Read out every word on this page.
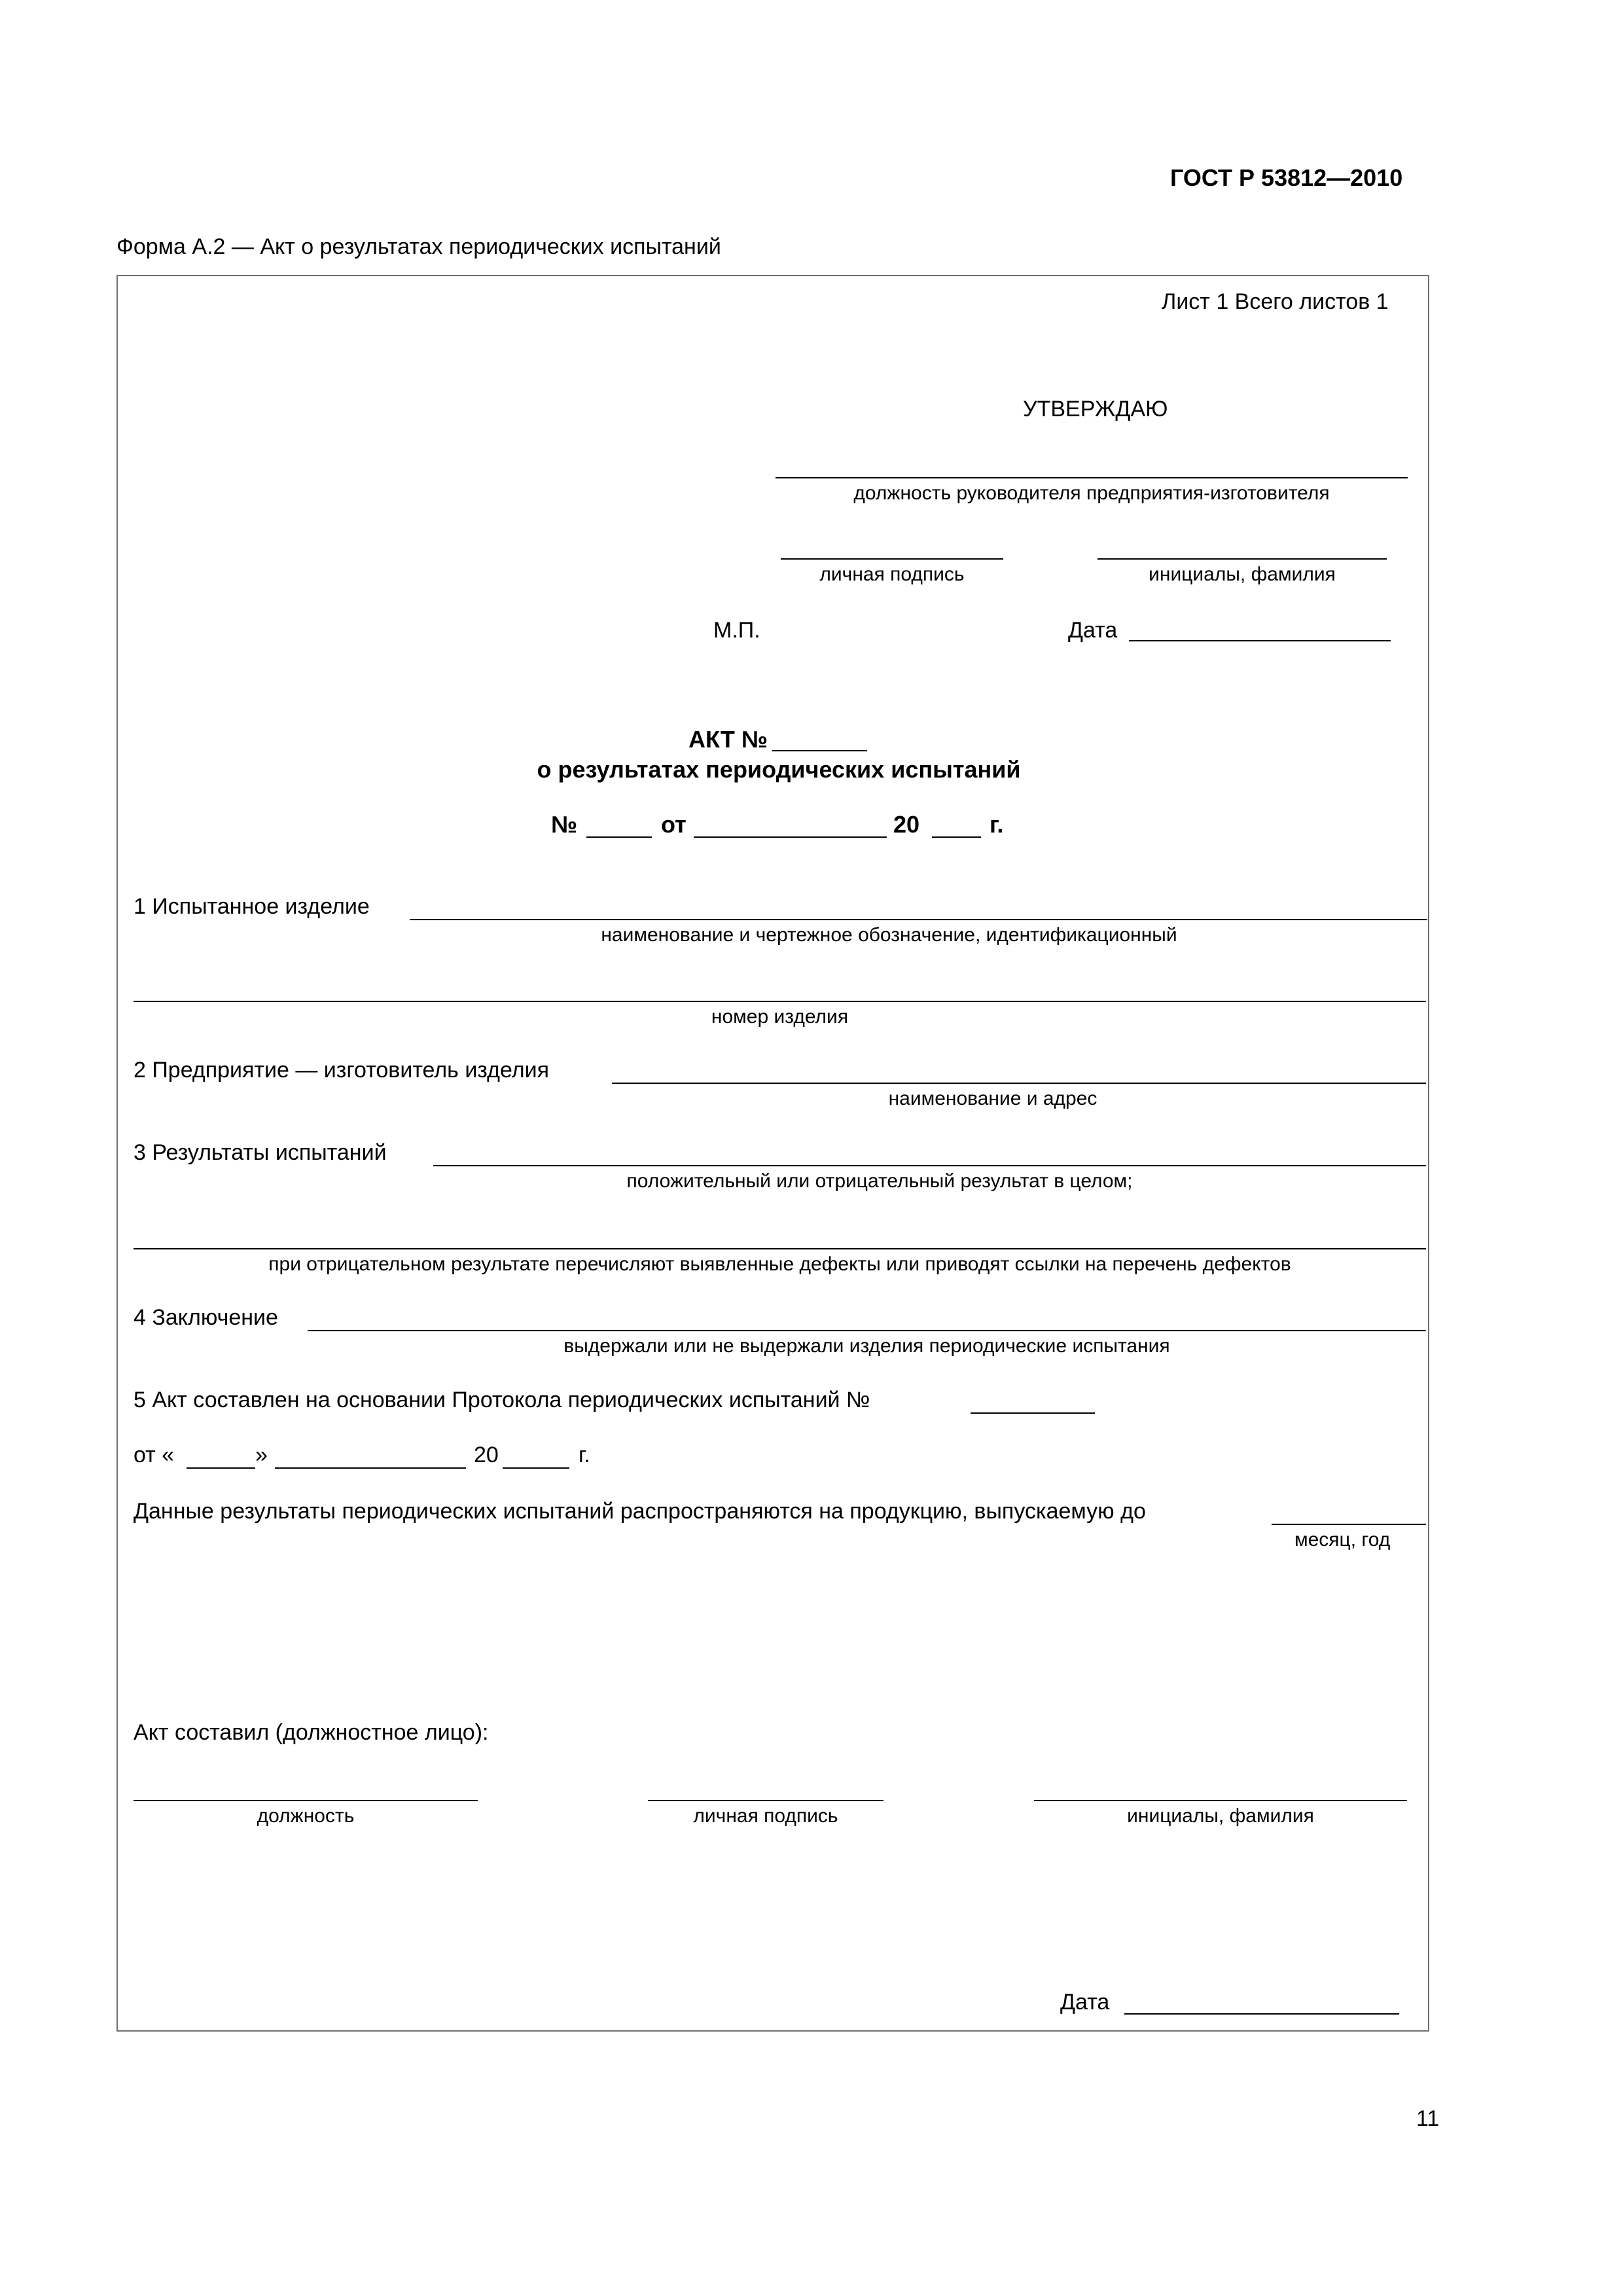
ГОСТ Р 53812—2010
Форма А.2 — Акт о результатах периодических испытаний
Лист 1 Всего листов 1
УТВЕРЖДАЮ
должность руководителя предприятия-изготовителя
личная подпись	инициалы, фамилия
М.П.	Дата
АКТ №
о результатах периодических испытаний
№	от	20	г.
1 Испытанное изделие
наименование и чертежное обозначение, идентификационный
номер изделия
2 Предприятие — изготовитель изделия
наименование и адрес
3 Результаты испытаний
положительный или отрицательный результат в целом;
при отрицательном результате перечисляют выявленные дефекты или приводят ссылки на перечень дефектов
4 Заключение
выдержали или не выдержали изделия периодические испытания
5 Акт составлен на основании Протокола периодических испытаний №
от «	»	20	г.
Данные результаты периодических испытаний распространяются на продукцию, выпускаемую до
месяц, год
Акт составил (должностное лицо):
должность	личная подпись	инициалы, фамилия
Дата
11
